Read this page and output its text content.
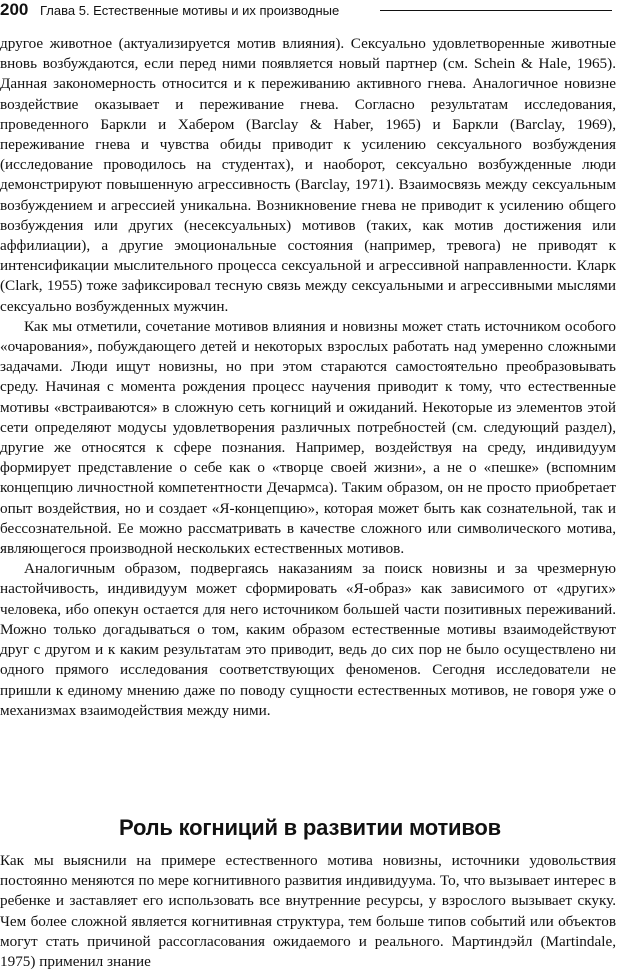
200 Глава 5. Естественные мотивы и их производные

другое животное (актуализируется мотив влияния). Сексуально удовлетворенные животные вновь возбуждаются, если перед ними появляется новый партнер (см. Schein & Hale, 1965). Данная закономерность относится и к переживанию активного гнева. Аналогичное новизне воздействие оказывает и переживание гнева. Согласно результатам исследования, проведенного Баркли и Хабером (Barclay & Haber, 1965) и Баркли (Barclay, 1969), переживание гнева и чувства обиды приводит к усилению сексуального возбуждения (исследование проводилось на студентах), и наоборот, сексуально возбужденные люди демонстрируют повышенную агрессивность (Barclay, 1971). Взаимосвязь между сексуальным возбуждением и агрессией уникальна. Возникновение гнева не приводит к усилению общего возбуждения или других (несексуальных) мотивов (таких, как мотив достижения или аффилиации), а другие эмоциональные состояния (например, тревога) не приводят к интенсификации мыслительного процесса сексуальной и агрессивной направленности. Кларк (Clark, 1955) тоже зафиксировал тесную связь между сексуальными и агрессивными мыслями сексуально возбужденных мужчин.

Как мы отметили, сочетание мотивов влияния и новизны может стать источником особого «очарования», побуждающего детей и некоторых взрослых работать над умеренно сложными задачами. Люди ищут новизны, но при этом стараются самостоятельно преобразовывать среду. Начиная с момента рождения процесс научения приводит к тому, что естественные мотивы «встраиваются» в сложную сеть когниций и ожиданий. Некоторые из элементов этой сети определяют модусы удовлетворения различных потребностей (см. следующий раздел), другие же относятся к сфере познания. Например, воздействуя на среду, индивидуум формирует представление о себе как о «творце своей жизни», а не о «пешке» (вспомним концепцию личностной компетентности Дечармса). Таким образом, он не просто приобретает опыт воздействия, но и создает «Я-концепцию», которая может быть как сознательной, так и бессознательной. Ее можно рассматривать в качестве сложного или символического мотива, являющегося производной нескольких естественных мотивов.

Аналогичным образом, подвергаясь наказаниям за поиск новизны и за чрезмерную настойчивость, индивидуум может сформировать «Я-образ» как зависимого от «других» человека, ибо опекун остается для него источником большей части позитивных переживаний. Можно только догадываться о том, каким образом естественные мотивы взаимодействуют друг с другом и к каким результатам это приводит, ведь до сих пор не было осуществлено ни одного прямого исследования соответствующих феноменов. Сегодня исследователи не пришли к единому мнению даже по поводу сущности естественных мотивов, не говоря уже о механизмах взаимодействия между ними.

Роль когниций в развитии мотивов

Как мы выяснили на примере естественного мотива новизны, источники удовольствия постоянно меняются по мере когнитивного развития индивидуума. То, что вызывает интерес в ребенке и заставляет его использовать все внутренние ресурсы, у взрослого вызывает скуку. Чем более сложной является когнитивная структура, тем больше типов событий или объектов могут стать причиной рассогласования ожидаемого и реального. Мартиндэйл (Martindale, 1975) применил знание
